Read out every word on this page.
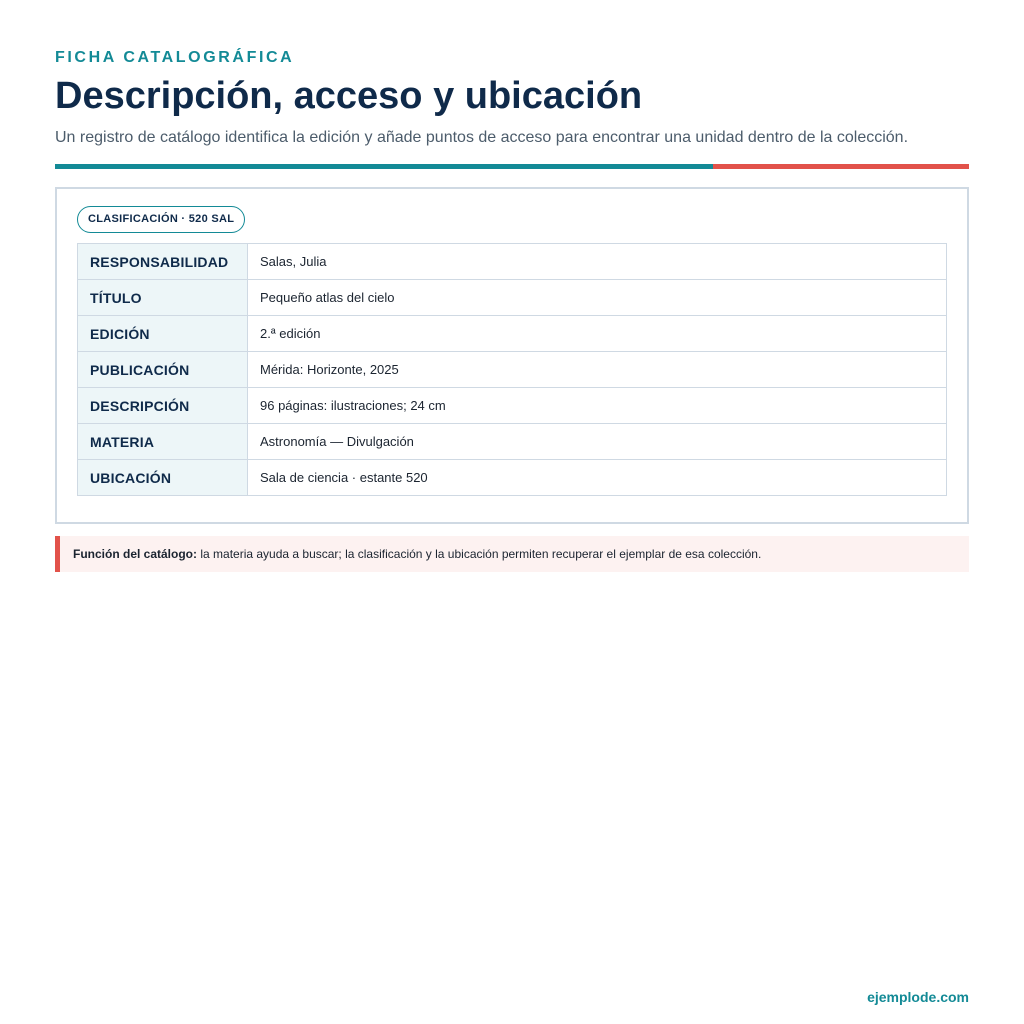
FICHA CATALOGRÁFICA
Descripción, acceso y ubicación

Un registro de catálogo identifica la edición y añade puntos de acceso para encontrar una unidad dentro de la colección.

CLASIFICACIÓN · 520 SAL
RESPONSABILIDAD	Salas, Julia
TÍTULO	Pequeño atlas del cielo
EDICIÓN	2.ª edición
PUBLICACIÓN	Mérida: Horizonte, 2025
DESCRIPCIÓN	96 páginas: ilustraciones; 24 cm
MATERIA	Astronomía — Divulgación
UBICACIÓN	Sala de ciencia · estante 520
Función del catálogo: la materia ayuda a buscar; la clasificación y la ubicación permiten recuperar el ejemplar de esa colección.
ejemplode.com
